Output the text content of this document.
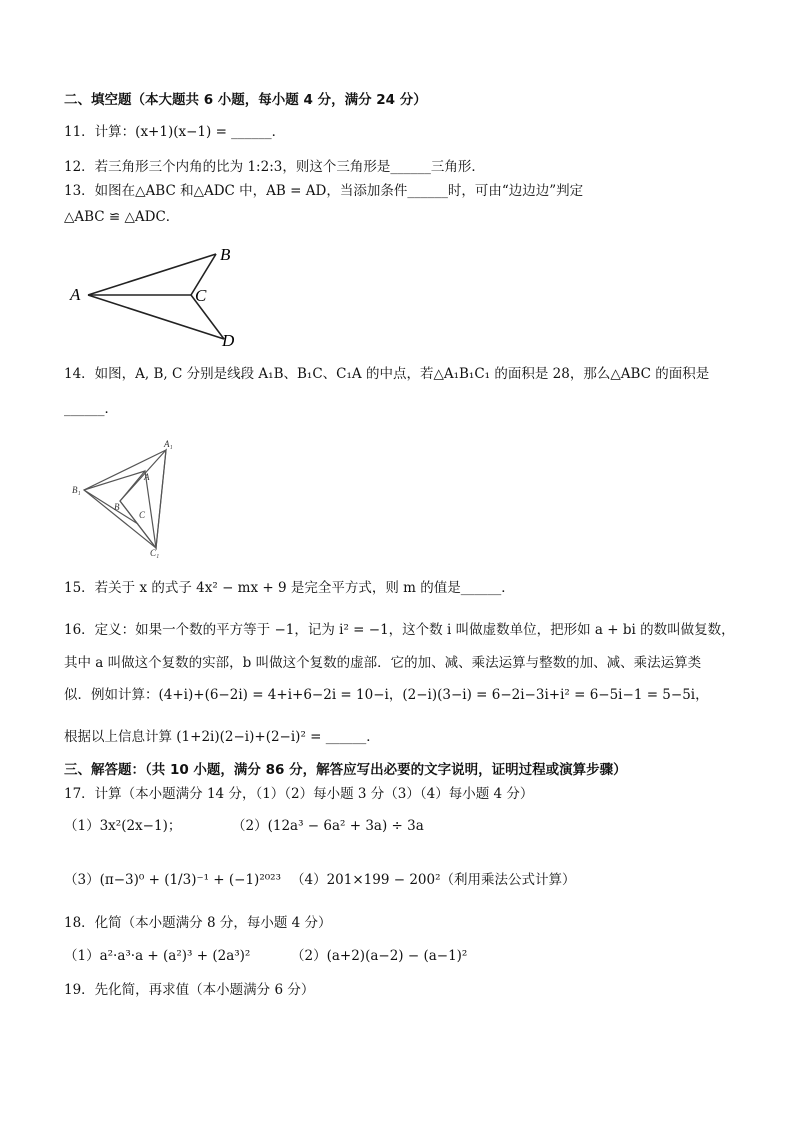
二、填空题（本大题共 6 小题，每小题 4 分，满分 24 分）
11．计算：(x+1)(x−1) = ______．
12．若三角形三个内角的比为 1:2:3，则这个三角形是______三角形．
13．如图在△ABC 和△ADC 中，AB = AD，当添加条件______时，可由“边边边”判定
△ABC ≌ △ADC．
A
B
C
D
14．如图，A, B, C 分别是线段 A₁B、B₁C、C₁A 的中点，若△A₁B₁C₁ 的面积是 28，那么△ABC 的面积是
______．
A₁
B₁
C₁
A
B
C
15．若关于 x 的式子 4x² − mx + 9 是完全平方式，则 m 的值是______．
16．定义：如果一个数的平方等于 −1，记为 i² = −1，这个数 i 叫做虚数单位，把形如 a + bi 的数叫做复数，
其中 a 叫做这个复数的实部，b 叫做这个复数的虚部．它的加、减、乘法运算与整数的加、减、乘法运算类
似．例如计算：(4+i)+(6−2i) = 4+i+6−2i = 10−i，(2−i)(3−i) = 6−2i−3i+i² = 6−5i−1 = 5−5i，
根据以上信息计算 (1+2i)(2−i)+(2−i)² = ______．
三、解答题：（共 10 小题，满分 86 分，解答应写出必要的文字说明，证明过程或演算步骤）
17．计算（本小题满分 14 分，（1）（2）每小题 3 分（3）（4）每小题 4 分）
（1）3x²(2x−1)；	（2）(12a³ − 6a² + 3a) ÷ 3a
（3）(π−3)⁰ + (1/3)⁻¹ + (−1)²⁰²³ （4）201×199 − 200²（利用乘法公式计算）
18．化简（本小题满分 8 分，每小题 4 分）
（1）a²·a³·a + (a²)³ + (2a³)²	（2）(a+2)(a−2) − (a−1)²
19．先化简，再求值（本小题满分 6 分）
